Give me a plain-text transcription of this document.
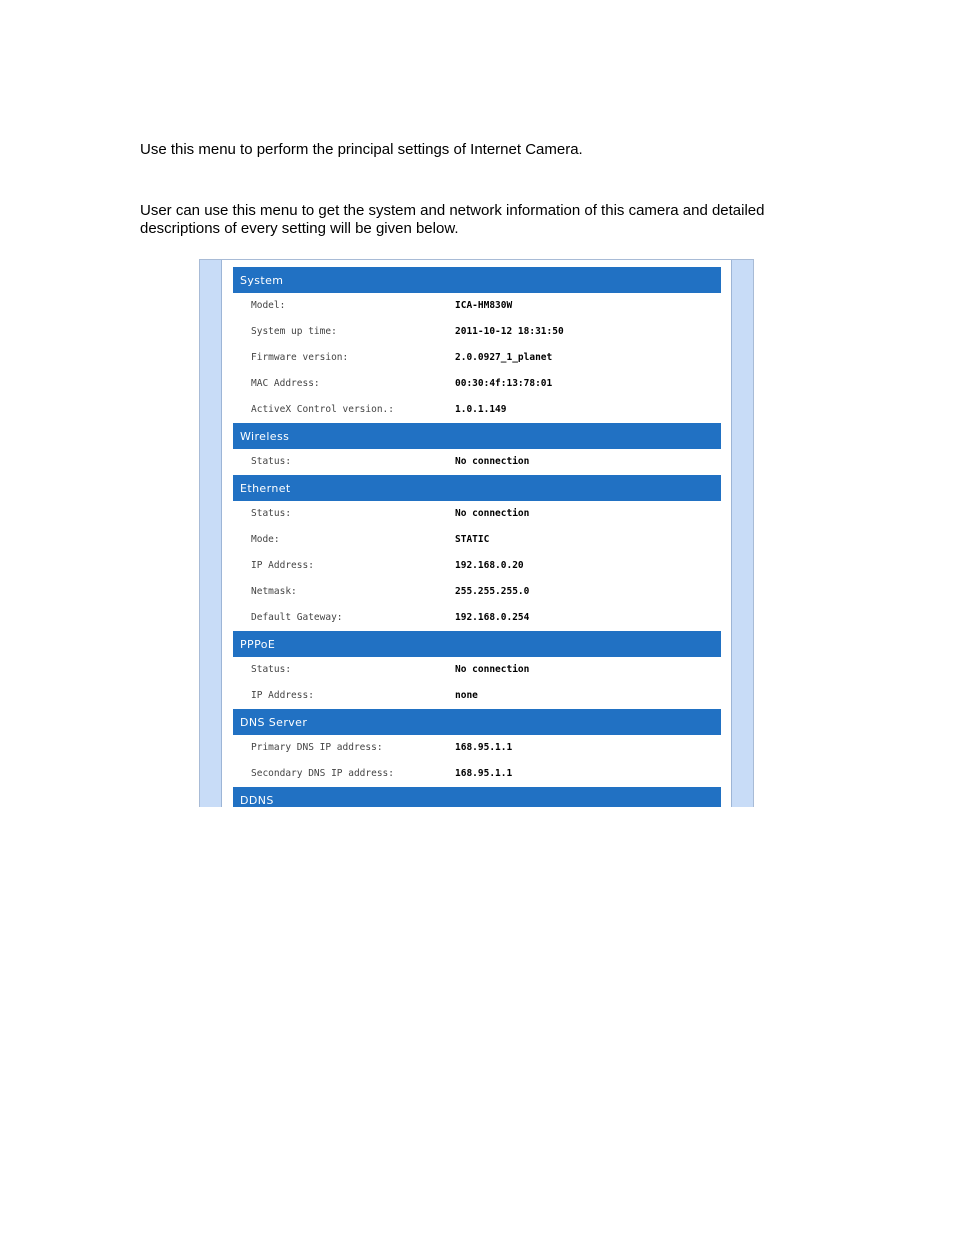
Use this menu to perform the principal settings of Internet Camera.

User can use this menu to get the system and network information of this camera and detailed descriptions of every setting will be given below.

System
Model:	ICA-HM830W
System up time:	2011-10-12 18:31:50
Firmware version:	2.0.0927_1_planet
MAC Address:	00:30:4f:13:78:01
ActiveX Control version.:	1.0.1.149
Wireless
Status:	No connection
Ethernet
Status:	No connection
Mode:	STATIC
IP Address:	192.168.0.20
Netmask:	255.255.255.0
Default Gateway:	192.168.0.254
PPPoE
Status:	No connection
IP Address:	none
DNS Server
Primary DNS IP address:	168.95.1.1
Secondary DNS IP address:	168.95.1.1
DDNS
